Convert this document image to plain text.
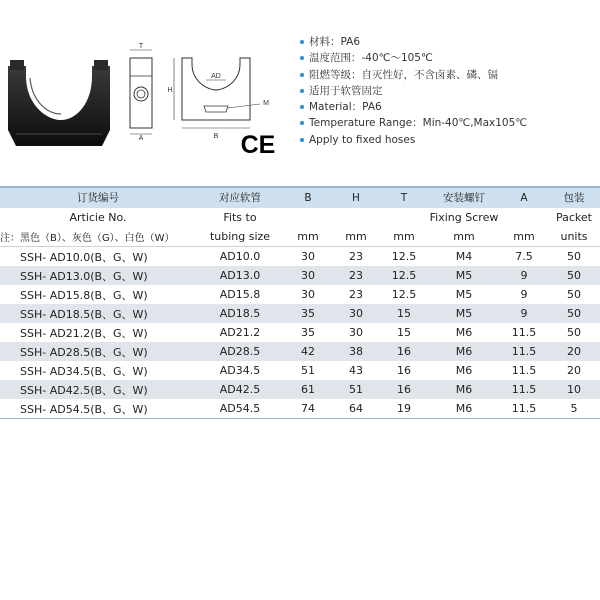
T
A
H
B
AD
M
CE
材料：PA6
温度范围：-40℃～105℃
阻燃等级：自灭性好，不含卤素、磷、镉
适用于软管固定
Material：PA6
Temperature Range：Min-40℃,Max105℃
Apply to fixed hoses
订货编号	对应软管	B	H	T	安装螺钉	A	包装
Articie No.	Fits to				Fixing Screw		Packet
注：黑色（B）、灰色（G）、白色（W）	tubing size	mm	mm	mm	mm	mm	units
SSH- AD10.0(B、G、W)	AD10.0	30	23	12.5	M4	7.5	50
SSH- AD13.0(B、G、W)	AD13.0	30	23	12.5	M5	9	50
SSH- AD15.8(B、G、W)	AD15.8	30	23	12.5	M5	9	50
SSH- AD18.5(B、G、W)	AD18.5	35	30	15	M5	9	50
SSH- AD21.2(B、G、W)	AD21.2	35	30	15	M6	11.5	50
SSH- AD28.5(B、G、W)	AD28.5	42	38	16	M6	11.5	20
SSH- AD34.5(B、G、W)	AD34.5	51	43	16	M6	11.5	20
SSH- AD42.5(B、G、W)	AD42.5	61	51	16	M6	11.5	10
SSH- AD54.5(B、G、W)	AD54.5	74	64	19	M6	11.5	5
